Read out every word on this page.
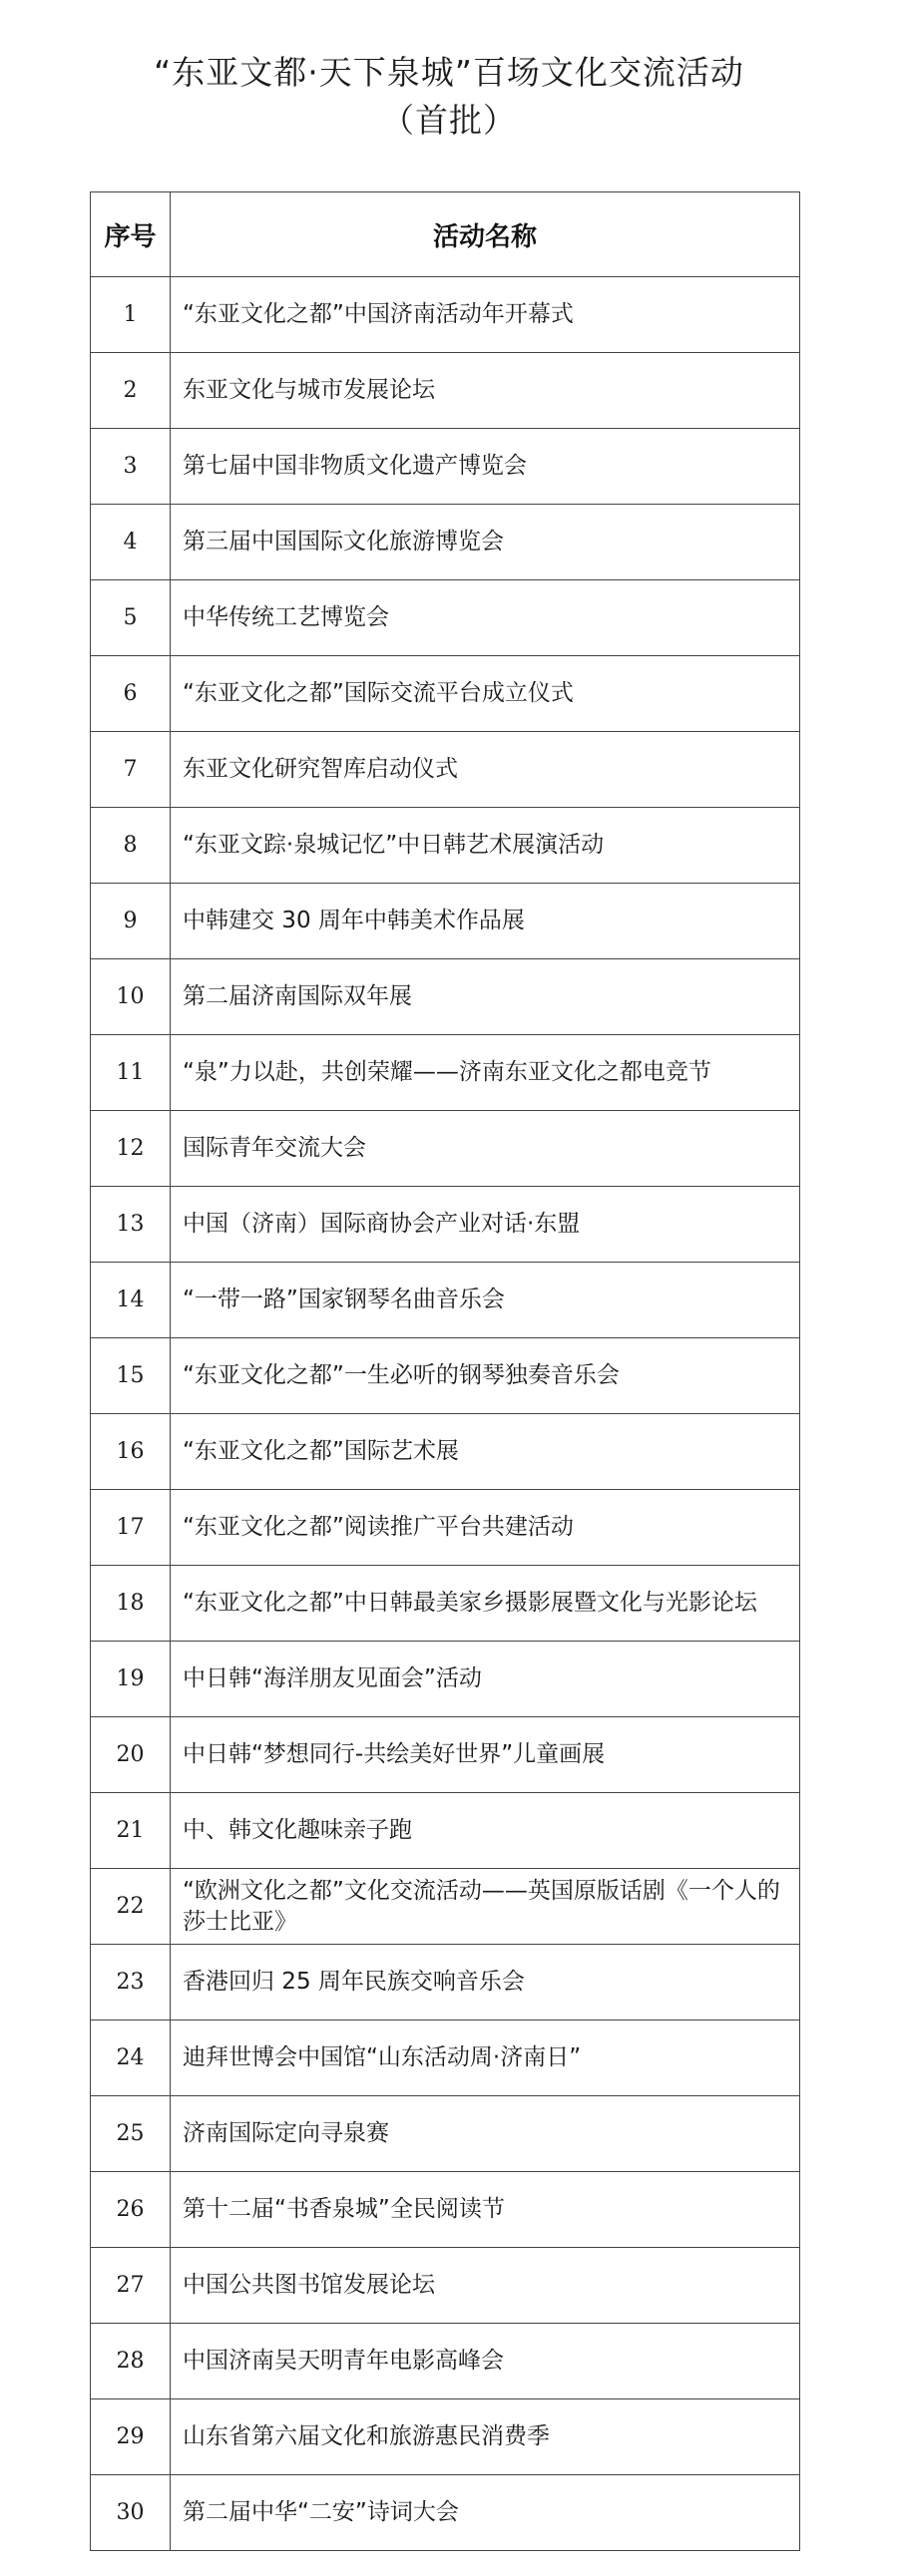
“东亚文都·天下泉城”百场文化交流活动
（首批）
序号	活动名称
1	“东亚文化之都”中国济南活动年开幕式
2	东亚文化与城市发展论坛
3	第七届中国非物质文化遗产博览会
4	第三届中国国际文化旅游博览会
5	中华传统工艺博览会
6	“东亚文化之都”国际交流平台成立仪式
7	东亚文化研究智库启动仪式
8	“东亚文踪·泉城记忆”中日韩艺术展演活动
9	中韩建交 30 周年中韩美术作品展
10	第二届济南国际双年展
11	“泉”力以赴，共创荣耀——济南东亚文化之都电竞节
12	国际青年交流大会
13	中国（济南）国际商协会产业对话·东盟
14	“一带一路”国家钢琴名曲音乐会
15	“东亚文化之都”一生必听的钢琴独奏音乐会
16	“东亚文化之都”国际艺术展
17	“东亚文化之都”阅读推广平台共建活动
18	“东亚文化之都”中日韩最美家乡摄影展暨文化与光影论坛
19	中日韩“海洋朋友见面会”活动
20	中日韩“梦想同行-共绘美好世界”儿童画展
21	中、韩文化趣味亲子跑
22	“欧洲文化之都”文化交流活动——英国原版话剧《一个人的莎士比亚》
23	香港回归 25 周年民族交响音乐会
24	迪拜世博会中国馆“山东活动周·济南日”
25	济南国际定向寻泉赛
26	第十二届“书香泉城”全民阅读节
27	中国公共图书馆发展论坛
28	中国济南吴天明青年电影高峰会
29	山东省第六届文化和旅游惠民消费季
30	第二届中华“二安”诗词大会
